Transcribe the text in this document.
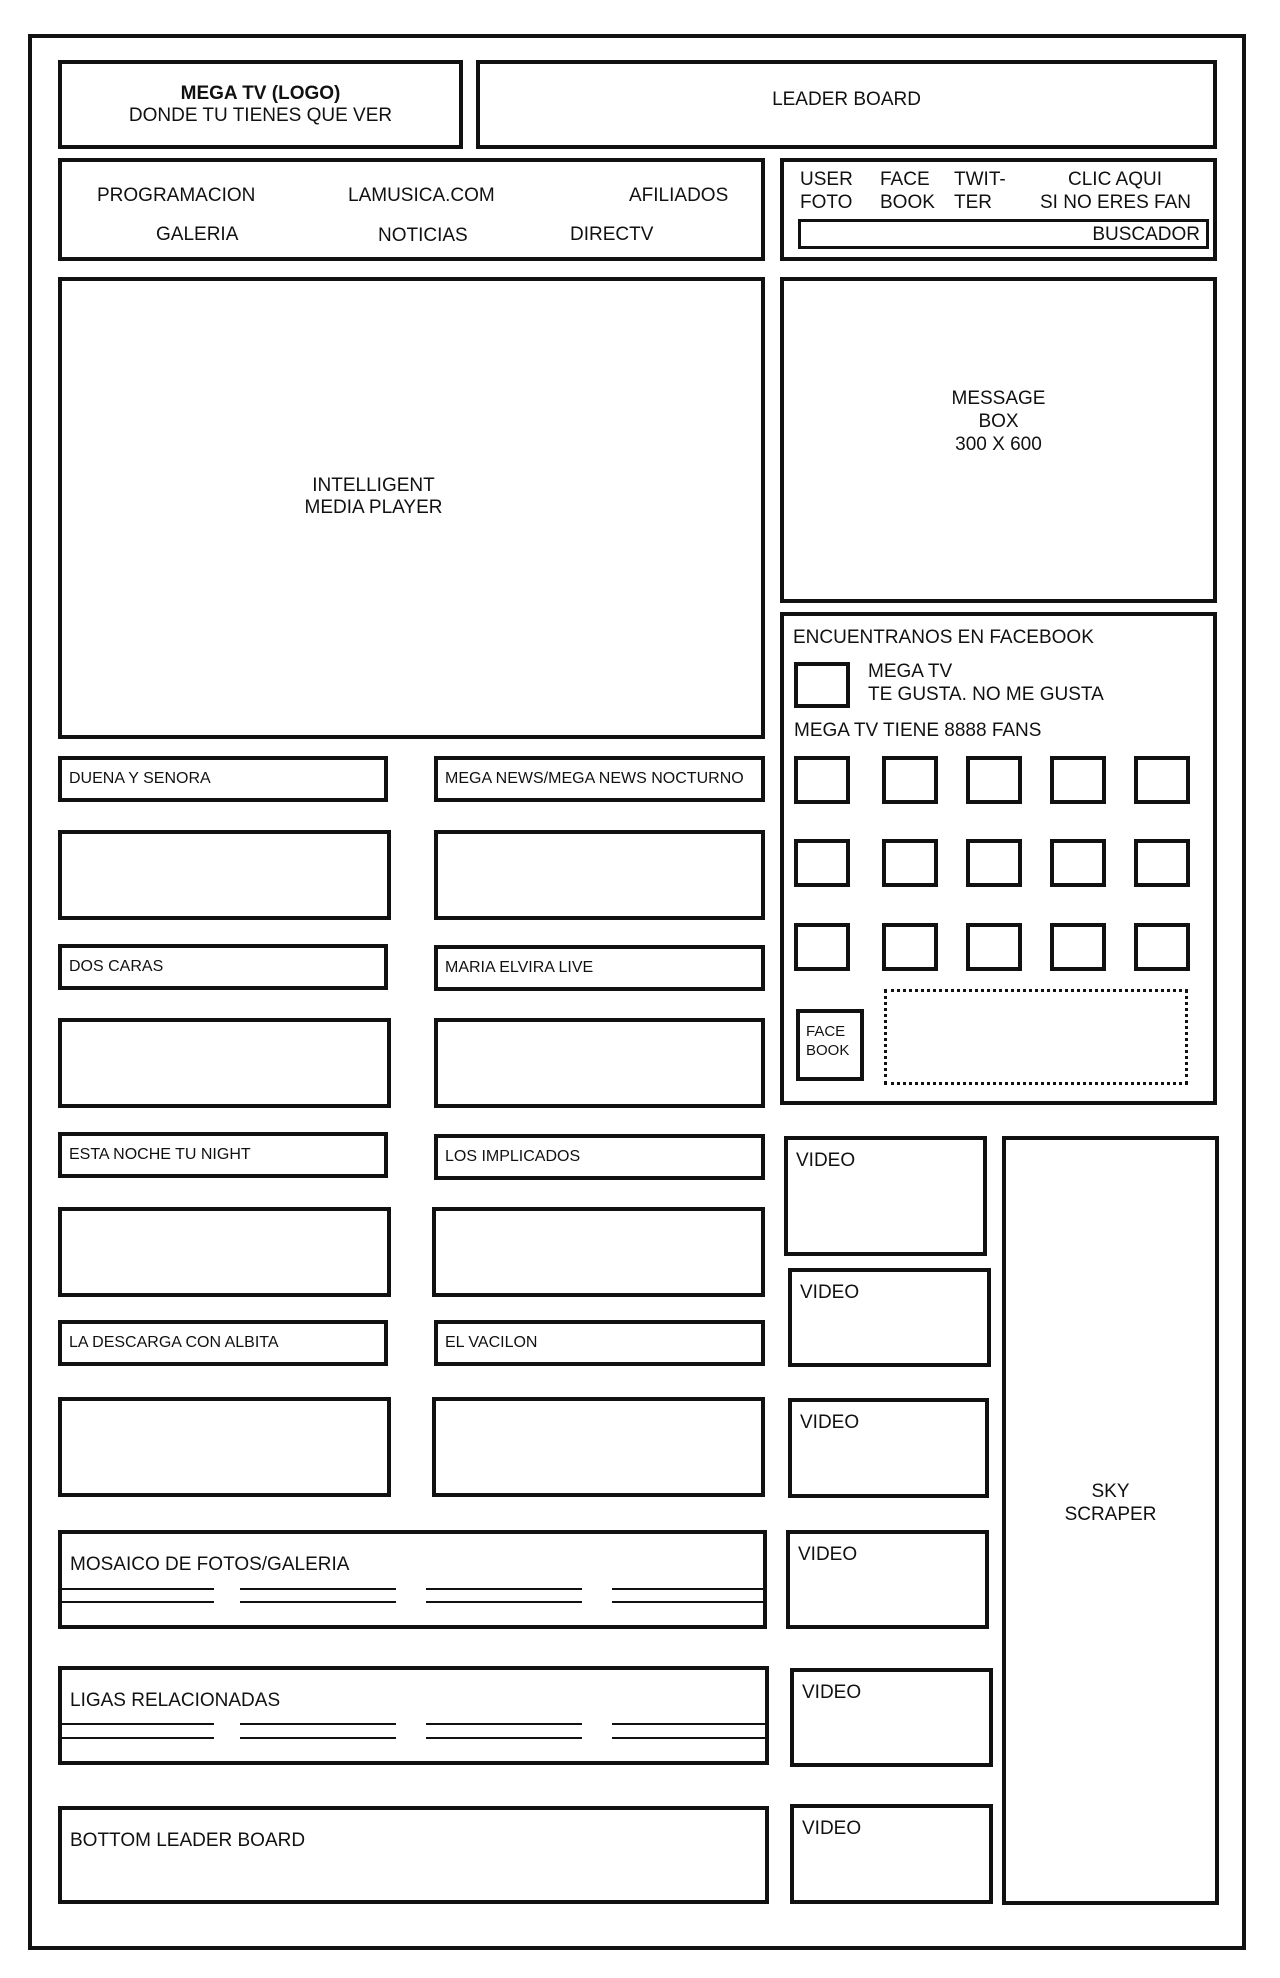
MEGA TV (LOGO)
DONDE TU TIENES QUE VER
LEADER BOARD
PROGRAMACION	LAMUSICA.COM	AFILIADOS
GALERIA	NOTICIAS	DIRECTV
USER
FOTO
FACE
BOOK
TWIT-
TER
CLIC AQUI
SI NO ERES FAN
BUSCADOR
INTELLIGENT
MEDIA PLAYER
MESSAGE
BOX
300 X 600
ENCUENTRANOS EN FACEBOOK
MEGA TV
TE GUSTA. NO ME GUSTA
MEGA TV TIENE 8888 FANS
FACE
BOOK
DUENA Y SENORA	MEGA NEWS/MEGA NEWS NOCTURNO
DOS CARAS	MARIA ELVIRA LIVE
ESTA NOCHE TU NIGHT	LOS IMPLICADOS
LA DESCARGA CON ALBITA	EL VACILON
MOSAICO DE FOTOS/GALERIA
LIGAS RELACIONADAS
BOTTOM LEADER BOARD
VIDEO
VIDEO
VIDEO
VIDEO
VIDEO
VIDEO
SKY
SCRAPER
